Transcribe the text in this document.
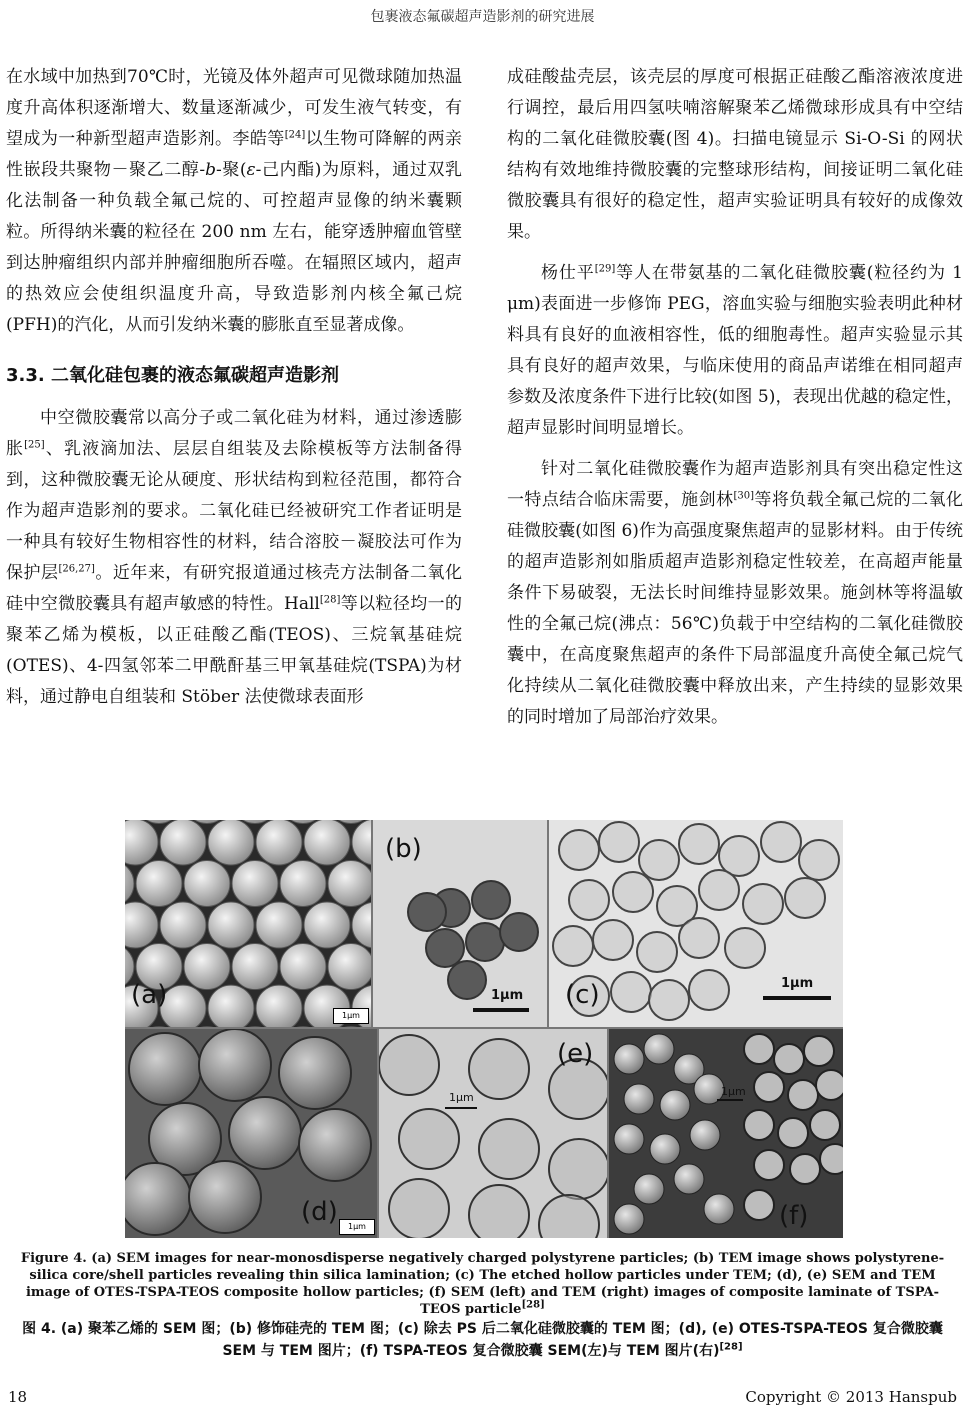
包裹液态氟碳超声造影剂的研究进展

在水域中加热到70℃时，光镜及体外超声可见微球随加热温度升高体积逐渐增大、数量逐渐减少，可发生液气转变，有望成为一种新型超声造影剂。李皓等[24]以生物可降解的两亲性嵌段共聚物－聚乙二醇-b-聚(ε-己内酯)为原料，通过双乳化法制备一种负载全氟己烷的、可控超声显像的纳米囊颗粒。所得纳米囊的粒径在 200 nm 左右，能穿透肿瘤血管壁到达肿瘤组织内部并肿瘤细胞所吞噬。在辐照区域内，超声的热效应会使组织温度升高，导致造影剂内核全氟己烷(PFH)的汽化，从而引发纳米囊的膨胀直至显著成像。

3.3. 二氧化硅包裹的液态氟碳超声造影剂

中空微胶囊常以高分子或二氧化硅为材料，通过渗透膨胀[25]、乳液滴加法、层层自组装及去除模板等方法制备得到，这种微胶囊无论从硬度、形状结构到粒径范围，都符合作为超声造影剂的要求。二氧化硅已经被研究工作者证明是一种具有较好生物相容性的材料，结合溶胶－凝胶法可作为保护层[26,27]。近年来，有研究报道通过核壳方法制备二氧化硅中空微胶囊具有超声敏感的特性。Hall[28]等以粒径均一的聚苯乙烯为模板，以正硅酸乙酯(TEOS)、三烷氧基硅烷(OTES)、4-四氢邻苯二甲酰酐基三甲氧基硅烷(TSPA)为材料，通过静电自组装和 Stöber 法使微球表面形

成硅酸盐壳层，该壳层的厚度可根据正硅酸乙酯溶液浓度进行调控，最后用四氢呋喃溶解聚苯乙烯微球形成具有中空结构的二氧化硅微胶囊(图 4)。扫描电镜显示 Si-O-Si 的网状结构有效地维持微胶囊的完整球形结构，间接证明二氧化硅微胶囊具有很好的稳定性，超声实验证明具有较好的成像效果。

杨仕平[29]等人在带氨基的二氧化硅微胶囊(粒径约为 1 μm)表面进一步修饰 PEG，溶血实验与细胞实验表明此种材料具有良好的血液相容性，低的细胞毒性。超声实验显示其具有良好的超声效果，与临床使用的商品声诺维在相同超声参数及浓度条件下进行比较(如图 5)，表现出优越的稳定性，超声显影时间明显增长。

针对二氧化硅微胶囊作为超声造影剂具有突出稳定性这一特点结合临床需要，施剑林[30]等将负载全氟己烷的二氧化硅微胶囊(如图 6)作为高强度聚焦超声的显影材料。由于传统的超声造影剂如脂质超声造影剂稳定性较差，在高超声能量条件下易破裂，无法长时间维持显影效果。施剑林等将温敏性的全氟己烷(沸点：56℃)负载于中空结构的二氧化硅微胶囊中，在高度聚焦超声的条件下局部温度升高使全氟己烷气化持续从二氧化硅微胶囊中释放出来，产生持续的显影效果的同时增加了局部治疗效果。

(a)
1μm
(b)
1μm (c)	1μm
(d)	1μm
(e)
1μm
(f)
1μm
Figure 4. (a) SEM images for near-monosdisperse negatively charged polystyrene particles; (b) TEM image shows polystyrene-silica core/shell particles revealing thin silica lamination; (c) The etched hollow particles under TEM; (d), (e) SEM and TEM image of OTES-TSPA-TEOS composite hollow particles; (f) SEM (left) and TEM (right) images of composite laminate of TSPA-TEOS particle[28]
图 4. (a) 聚苯乙烯的 SEM 图；(b) 修饰硅壳的 TEM 图；(c) 除去 PS 后二氧化硅微胶囊的 TEM 图；(d), (e) OTES-TSPA-TEOS 复合微胶囊 SEM 与 TEM 图片；(f) TSPA-TEOS 复合微胶囊 SEM(左)与 TEM 图片(右)[28]
18	Copyright © 2013 Hanspub
